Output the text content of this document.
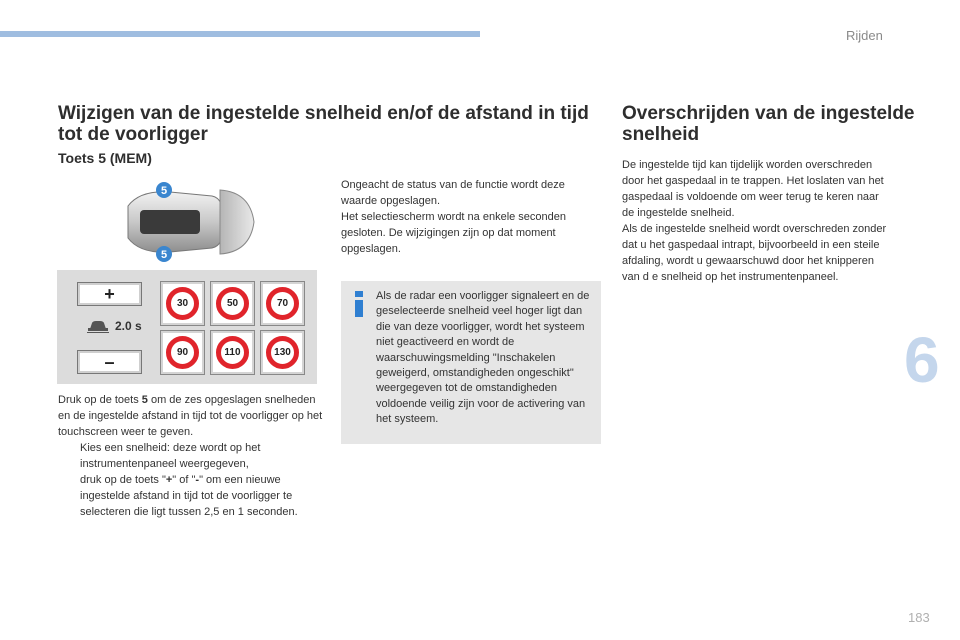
Rijden
6
183
Wijzigen van de ingestelde snelheid en/of de afstand in tijd tot de voorligger
Toets 5 (MEM)
5
5
+
2.0 s
–
30	50	70
90	110	130

Druk op de toets 5 om de zes opgeslagen snelheden en de ingestelde afstand in tijd tot de voorligger op het touchscreen weer te geven.

Kies een snelheid: deze wordt op het instrumentenpaneel weergegeven,
druk op de toets "+" of "-" om een nieuwe ingestelde afstand in tijd tot de voorligger te selecteren die ligt tussen 2,5 en 1 seconden.

Ongeacht de status van de functie wordt deze waarde opgeslagen.

Het selectiescherm wordt na enkele seconden gesloten. De wijzigingen zijn op dat moment opgeslagen.

Als de radar een voorligger signaleert en de geselecteerde snelheid veel hoger ligt dan die van deze voorligger, wordt het systeem niet geactiveerd en wordt de waarschuwingsmelding "Inschakelen geweigerd, omstandigheden ongeschikt" weergegeven tot de omstandigheden voldoende veilig zijn voor de activering van het systeem.
Overschrijden van de ingestelde snelheid

De ingestelde tijd kan tijdelijk worden overschreden door het gaspedaal in te trappen. Het loslaten van het gaspedaal is voldoende om weer terug te keren naar de ingestelde snelheid.

Als de ingestelde snelheid wordt overschreden zonder dat u het gaspedaal intrapt, bijvoorbeeld in een steile afdaling, wordt u gewaarschuwd door het knipperen van d e snelheid op het instrumentenpaneel.
